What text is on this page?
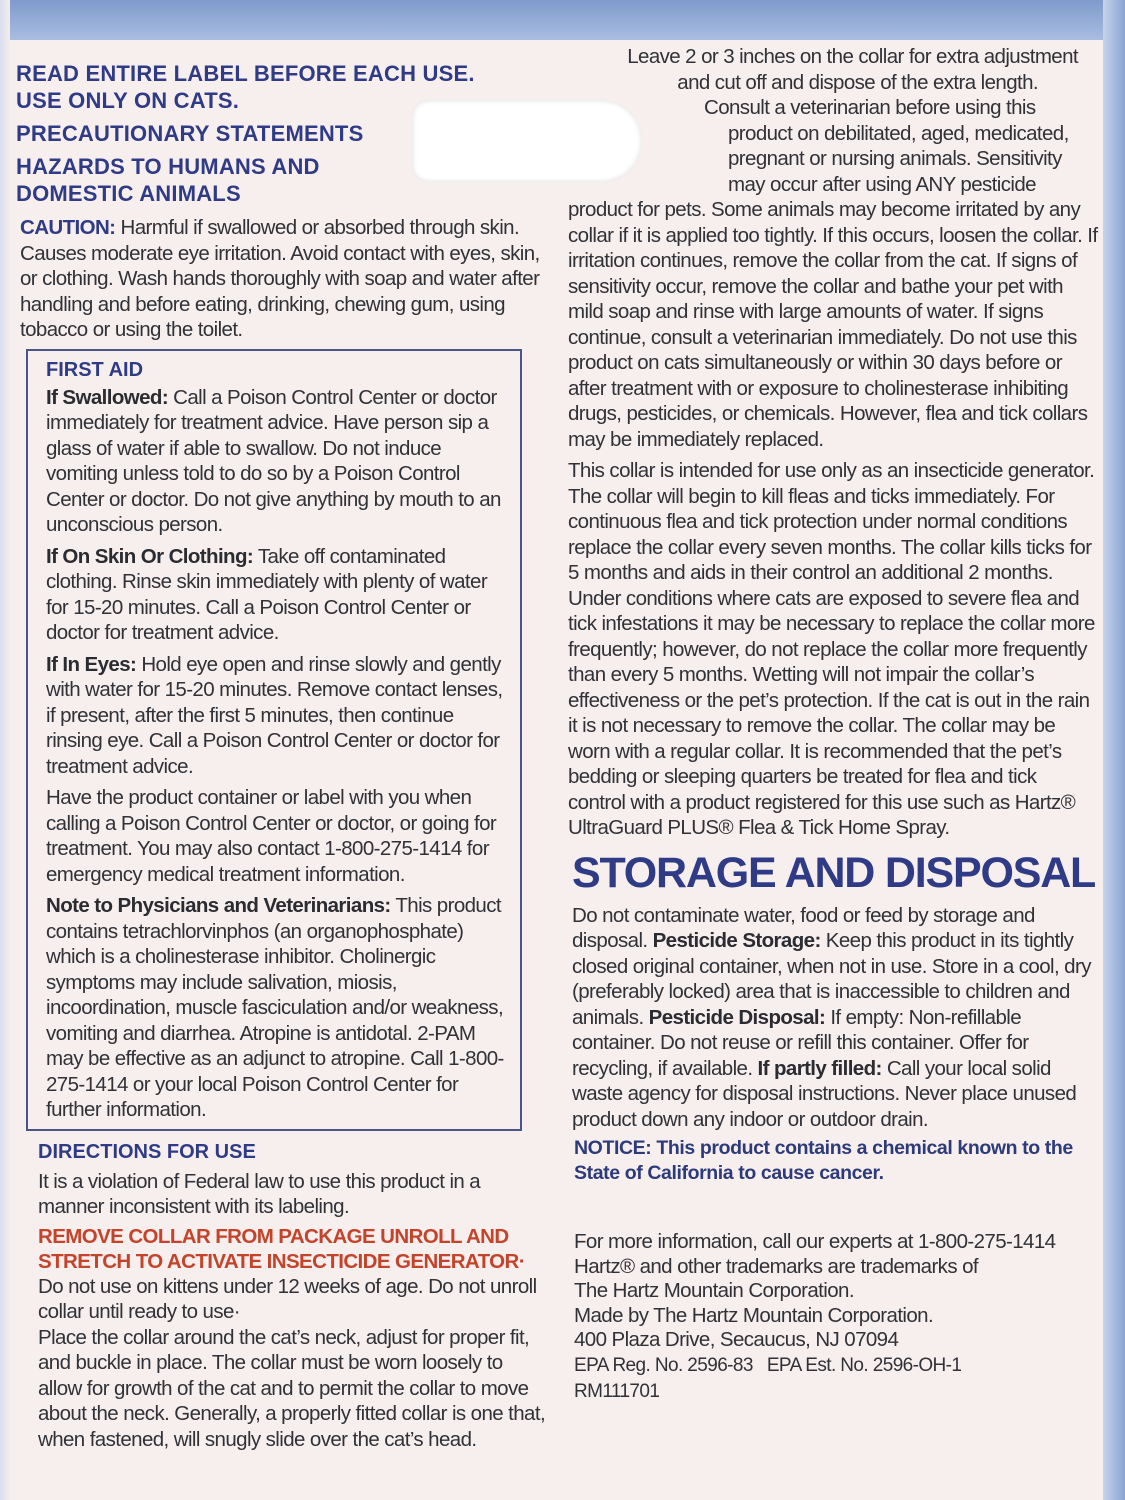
READ ENTIRE LABEL BEFORE EACH USE.

USE ONLY ON CATS.

PRECAUTIONARY STATEMENTS

HAZARDS TO HUMANS AND

DOMESTIC ANIMALS

CAUTION: Harmful if swallowed or absorbed through skin. Causes moderate eye irritation. Avoid contact with eyes, skin, or clothing. Wash hands thoroughly with soap and water after handling and before eating, drinking, chewing gum, using tobacco or using the toilet.

FIRST AID

If Swallowed: Call a Poison Control Center or doctor immediately for treatment advice. Have person sip a glass of water if able to swallow. Do not induce vomiting unless told to do so by a Poison Control Center or doctor. Do not give anything by mouth to an unconscious person.

If On Skin Or Clothing: Take off contaminated clothing. Rinse skin immediately with plenty of water for 15-20 minutes. Call a Poison Control Center or doctor for treatment advice.

If In Eyes: Hold eye open and rinse slowly and gently with water for 15-20 minutes. Remove contact lenses, if present, after the first 5 minutes, then continue rinsing eye. Call a Poison Control Center or doctor for treatment advice.

Have the product container or label with you when calling a Poison Control Center or doctor, or going for treatment. You may also contact 1-800-275-1414 for emergency medical treatment information.

Note to Physicians and Veterinarians: This product contains tetrachlorvinphos (an organophosphate) which is a cholinesterase inhibitor. Cholinergic symptoms may include salivation, miosis, incoordination, muscle fasciculation and/or weakness, vomiting and diarrhea. Atropine is antidotal. 2-PAM may be effective as an adjunct to atropine. Call 1-800-275-1414 or your local Poison Control Center for further information.

DIRECTIONS FOR USE

It is a violation of Federal law to use this product in a manner inconsistent with its labeling.

REMOVE COLLAR FROM PACKAGE UNROLL AND STRETCH TO ACTIVATE INSECTICIDE GENERATOR·

Do not use on kittens under 12 weeks of age. Do not unroll collar until ready to use·

Place the collar around the cat’s neck, adjust for proper fit, and buckle in place. The collar must be worn loosely to allow for growth of the cat and to permit the collar to move about the neck. Generally, a properly fitted collar is one that, when fastened, will snugly slide over the cat’s head.

Leave 2 or 3 inches on the collar for extra adjustment

and cut off and dispose of the extra length.

Consult a veterinarian before using this

product on debilitated, aged, medicated,

pregnant or nursing animals. Sensitivity

may occur after using ANY pesticide

product for pets. Some animals may become irritated by any collar if it is applied too tightly. If this occurs, loosen the collar. If irritation continues, remove the collar from the cat. If signs of sensitivity occur, remove the collar and bathe your pet with mild soap and rinse with large amounts of water. If signs continue, consult a veterinarian immediately. Do not use this product on cats simultaneously or within 30 days before or after treatment with or exposure to cholinesterase inhibiting drugs, pesticides, or chemicals. However, flea and tick collars may be immediately replaced.

This collar is intended for use only as an insecticide generator. The collar will begin to kill fleas and ticks immediately. For continuous flea and tick protection under normal conditions replace the collar every seven months. The collar kills ticks for 5 months and aids in their control an additional 2 months. Under conditions where cats are exposed to severe flea and tick infestations it may be necessary to replace the collar more frequently; however, do not replace the collar more frequently than every 5 months. Wetting will not impair the collar’s effectiveness or the pet’s protection. If the cat is out in the rain it is not necessary to remove the collar. The collar may be worn with a regular collar. It is recommended that the pet’s bedding or sleeping quarters be treated for flea and tick control with a product registered for this use such as Hartz® UltraGuard PLUS® Flea & Tick Home Spray.

STORAGE AND DISPOSAL

Do not contaminate water, food or feed by storage and disposal. Pesticide Storage: Keep this product in its tightly closed original container, when not in use. Store in a cool, dry (preferably locked) area that is inaccessible to children and animals. Pesticide Disposal: If empty: Non-refillable container. Do not reuse or refill this container. Offer for recycling, if available. If partly filled: Call your local solid waste agency for disposal instructions. Never place unused product down any indoor or outdoor drain.

NOTICE: This product contains a chemical known to the State of California to cause cancer.

For more information, call our experts at 1-800-275-1414

Hartz® and other trademarks are trademarks of

The Hartz Mountain Corporation.

Made by The Hartz Mountain Corporation.

400 Plaza Drive, Secaucus, NJ 07094

EPA Reg. No. 2596-83   EPA Est. No. 2596-OH-1

RM111701
